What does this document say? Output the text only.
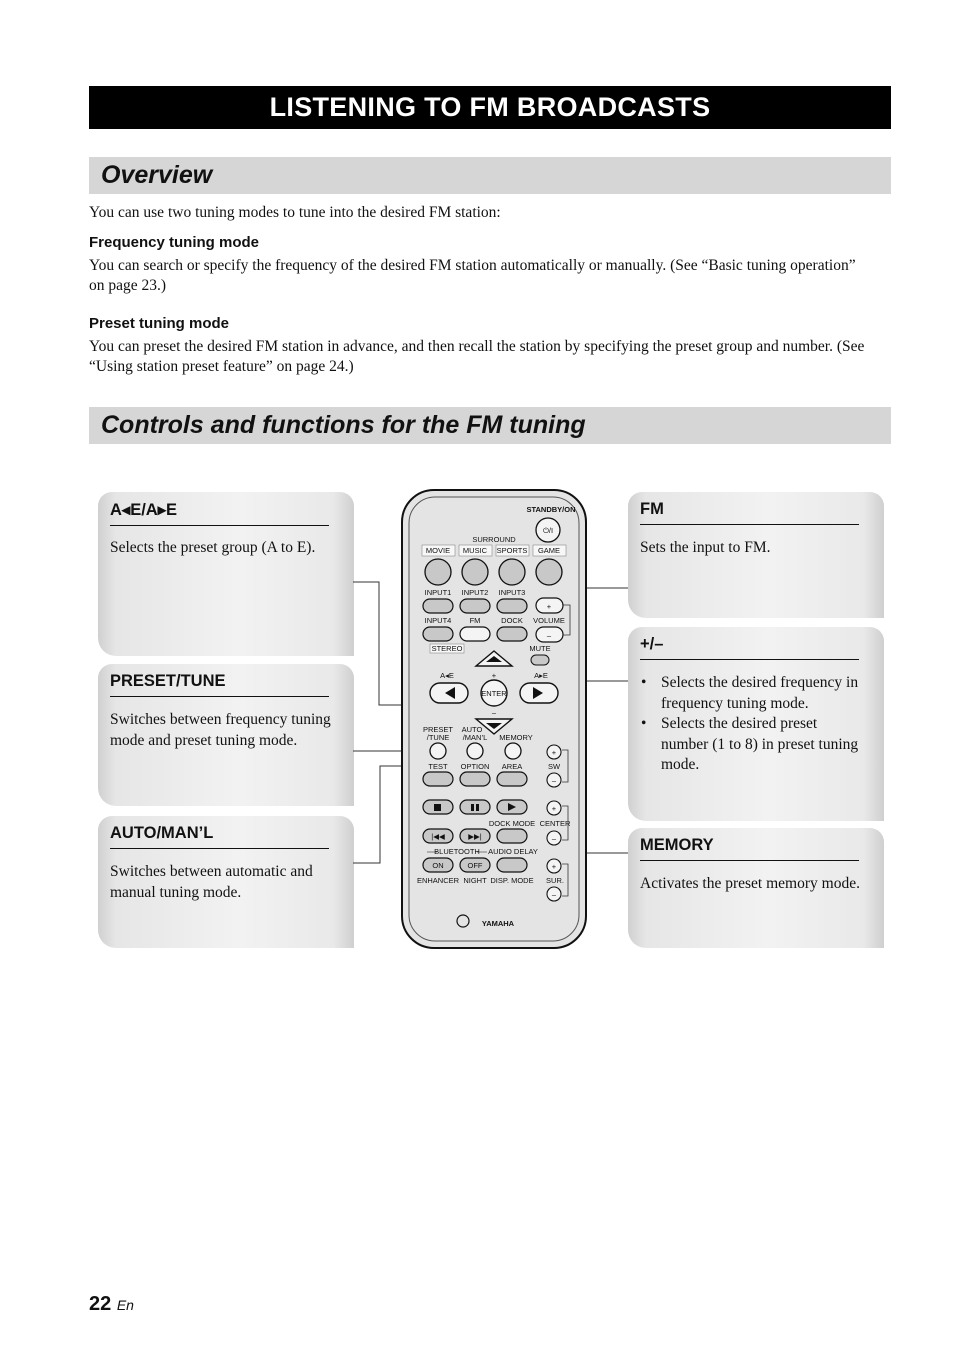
LISTENING TO FM BROADCASTS
Overview
You can use two tuning modes to tune into the desired FM station:
Frequency tuning mode
You can search or specify the frequency of the desired FM station automatically or manually. (See “Basic tuning operation” on page 23.)
Preset tuning mode
You can preset the desired FM station in advance, and then recall the station by specifying the preset group and number. (See “Using station preset feature” on page 24.)
Controls and functions for the FM tuning
A◂E/A▸E
Selects the preset group (A to E).
PRESET/TUNE
Switches between frequency tuning mode and preset tuning mode.
AUTO/MAN’L
Switches between automatic and manual tuning mode.
FM
Sets the input to FM.
+/–
• Selects the desired frequency in frequency tuning mode.
• Selects the desired preset number (1 to 8) in preset tuning mode.
MEMORY
Activates the preset memory mode.
STANDBY/ON
⏻/I
SURROUND
MOVIE MUSIC SPORTS GAME
INPUT1 INPUT2 INPUT3
+
INPUT4 FM	DOCK VOLUME
–
STEREO	MUTE
+
A◂E	A▸E
ENTER
–
PRESET /TUNE
AUTO /MAN’L MEMORY
TEST OPTION AREA
+
SW
–
+
CENTER
–
DOCK MODE
|◀◀	▶▶|
BLUETOOTH AUDIO DELAY
ON	OFF
ENHANCER NIGHT DISP. MODE
+
SUR.
–
YAMAHA
22 En
